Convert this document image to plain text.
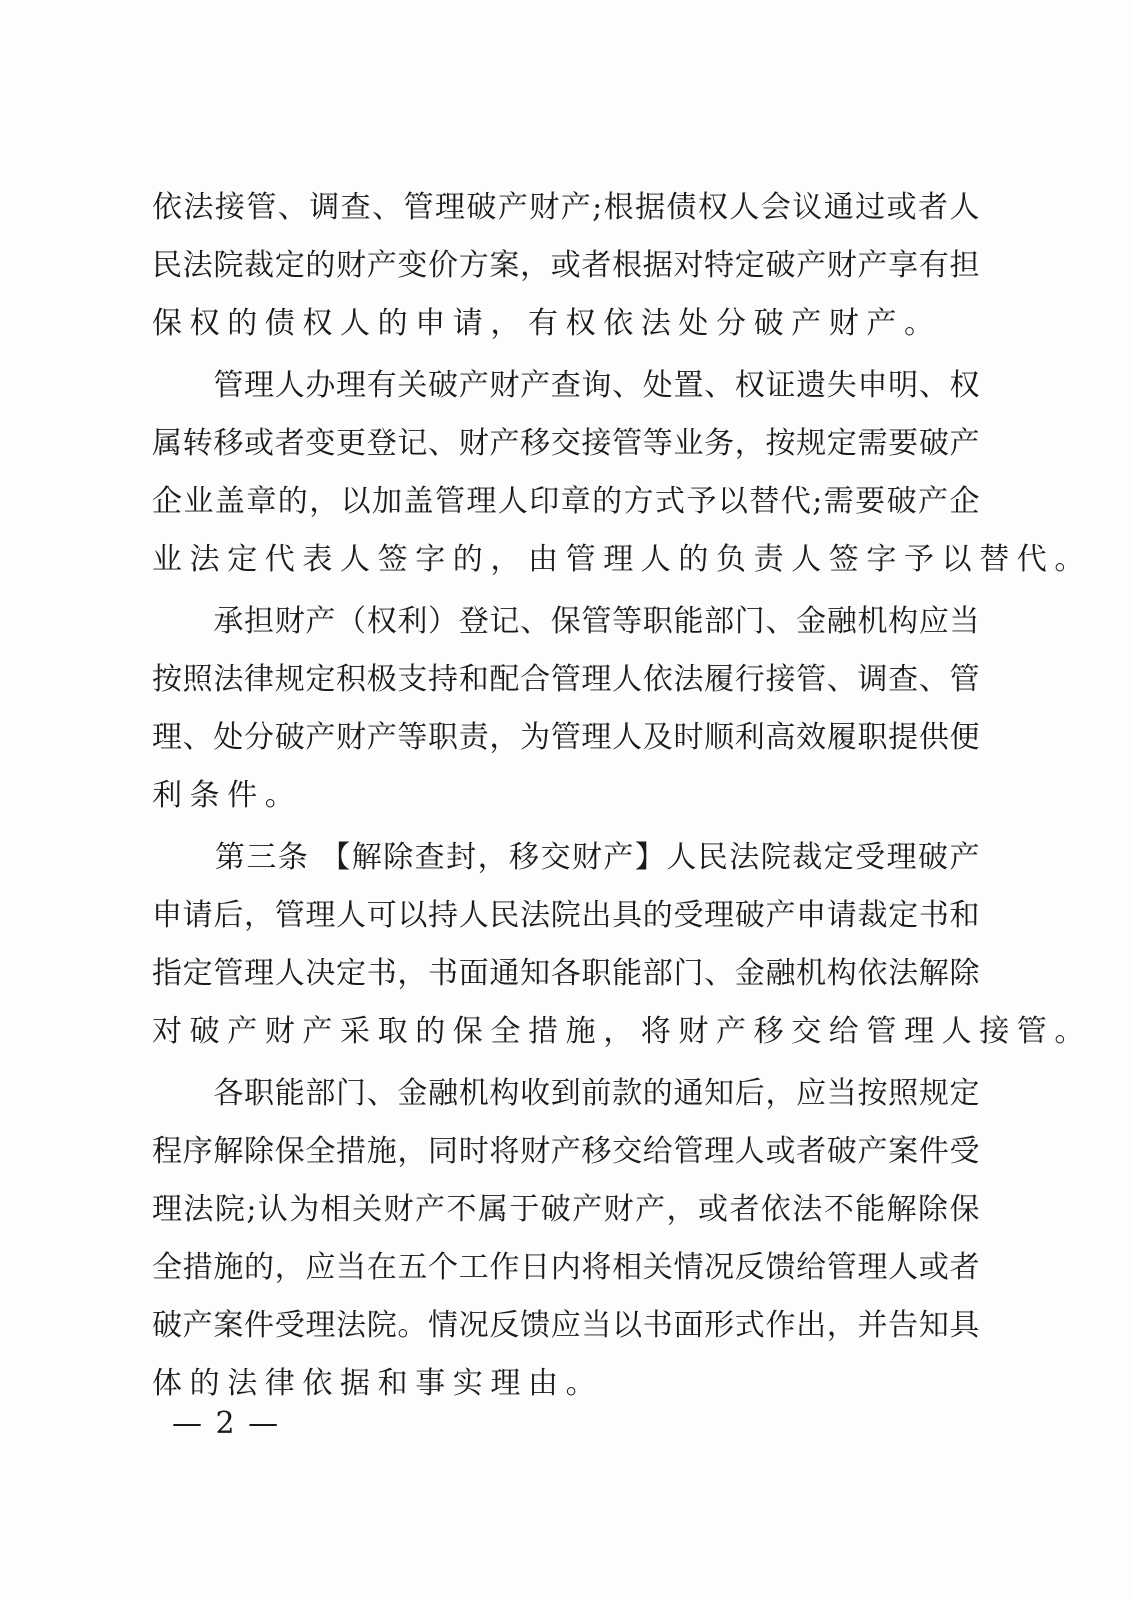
依法接管、调查、管理破产财产;根据债权人会议通过或者人
民法院裁定的财产变价方案，或者根据对特定破产财产享有担
保权的债权人的申请，有权依法处分破产财产。
　　管理人办理有关破产财产查询、处置、权证遗失申明、权
属转移或者变更登记、财产移交接管等业务，按规定需要破产
企业盖章的，以加盖管理人印章的方式予以替代;需要破产企
业法定代表人签字的，由管理人的负责人签字予以替代。
　　承担财产（权利）登记、保管等职能部门、金融机构应当
按照法律规定积极支持和配合管理人依法履行接管、调查、管
理、处分破产财产等职责，为管理人及时顺利高效履职提供便
利条件。
　　第三条 【解除查封，移交财产】人民法院裁定受理破产
申请后，管理人可以持人民法院出具的受理破产申请裁定书和
指定管理人决定书，书面通知各职能部门、金融机构依法解除
对破产财产采取的保全措施，将财产移交给管理人接管。
　　各职能部门、金融机构收到前款的通知后，应当按照规定
程序解除保全措施，同时将财产移交给管理人或者破产案件受
理法院;认为相关财产不属于破产财产，或者依法不能解除保
全措施的，应当在五个工作日内将相关情况反馈给管理人或者
破产案件受理法院。情况反馈应当以书面形式作出，并告知具
体的法律依据和事实理由。
— 2 —
